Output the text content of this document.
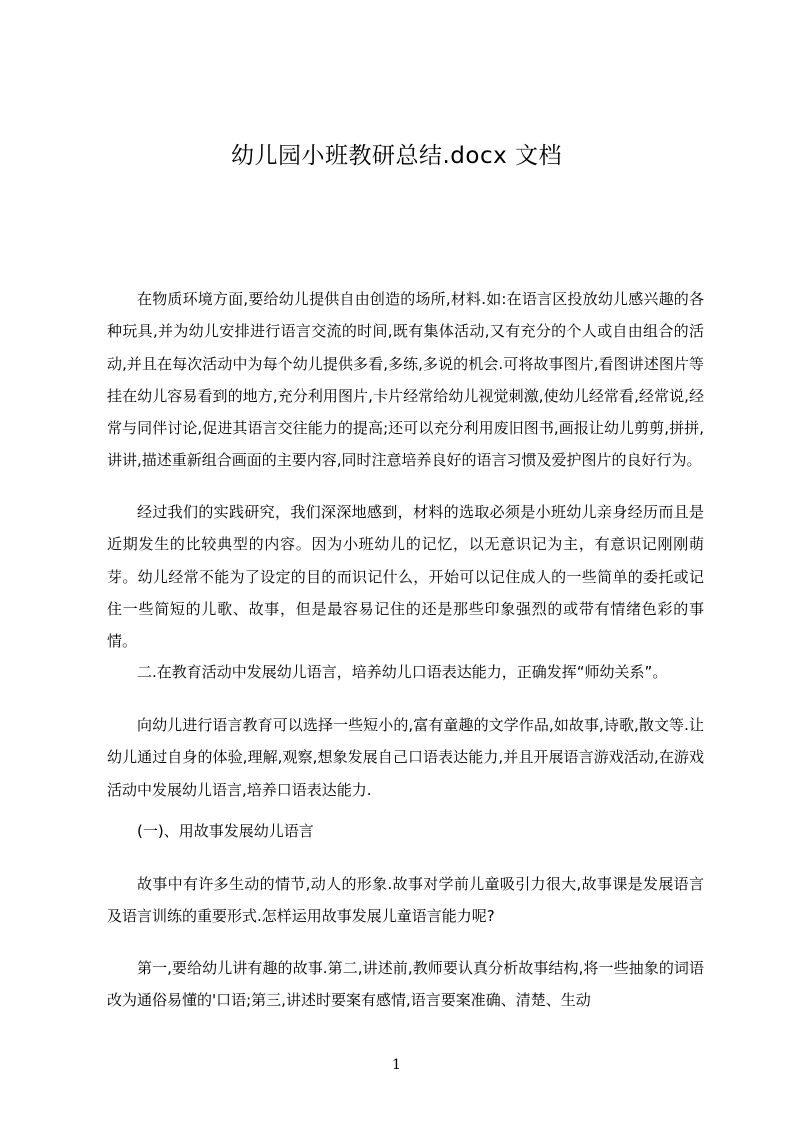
幼儿园小班教研总结.docx 文档

在物质环境方面,要给幼儿提供自由创造的场所,材料.如:在语言区投放幼儿感兴趣的各种玩具,并为幼儿安排进行语言交流的时间,既有集体活动,又有充分的个人或自由组合的活动,并且在每次活动中为每个幼儿提供多看,多练,多说的机会.可将故事图片,看图讲述图片等挂在幼儿容易看到的地方,充分利用图片,卡片经常给幼儿视觉刺激,使幼儿经常看,经常说,经常与同伴讨论,促进其语言交往能力的提高;还可以充分利用废旧图书,画报让幼儿剪剪,拼拼,讲讲,描述重新组合画面的主要内容,同时注意培养良好的语言习惯及爱护图片的良好行为。

经过我们的实践研究，我们深深地感到，材料的选取必须是小班幼儿亲身经历而且是近期发生的比较典型的内容。因为小班幼儿的记忆，以无意识记为主，有意识记刚刚萌芽。幼儿经常不能为了设定的目的而识记什么，开始可以记住成人的一些简单的委托或记住一些简短的儿歌、故事，但是最容易记住的还是那些印象强烈的或带有情绪色彩的事情。

二.在教育活动中发展幼儿语言，培养幼儿口语表达能力，正确发挥“师幼关系”。

向幼儿进行语言教育可以选择一些短小的,富有童趣的文学作品,如故事,诗歌,散文等.让幼儿通过自身的体验,理解,观察,想象发展自己口语表达能力,并且开展语言游戏活动,在游戏活动中发展幼儿语言,培养口语表达能力.

(一)、用故事发展幼儿语言

故事中有许多生动的情节,动人的形象.故事对学前儿童吸引力很大,故事课是发展语言及语言训练的重要形式.怎样运用故事发展儿童语言能力呢?

第一,要给幼儿讲有趣的故事.第二,讲述前,教师要认真分析故事结构,将一些抽象的词语改为通俗易懂的'口语;第三,讲述时要案有感情,语言要案准确、清楚、生动

1
